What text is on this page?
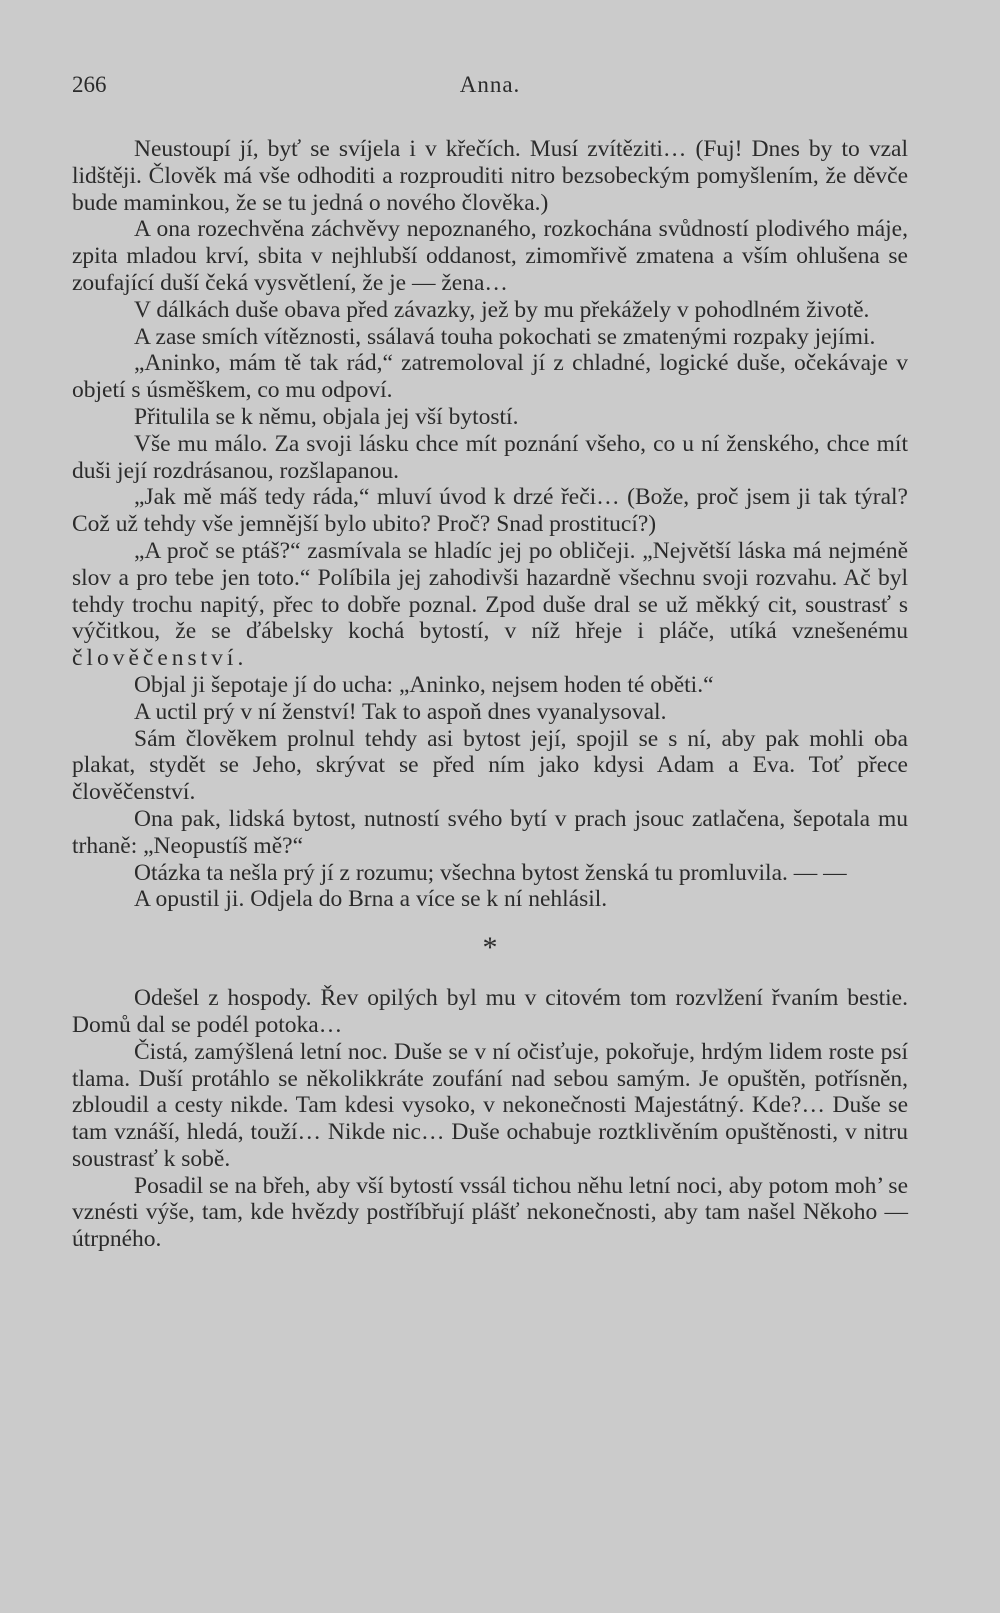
266	Anna.

Neustoupí jí, byť se svíjela i v křečích. Musí zvítěziti… (Fuj! Dnes by to vzal lidštěji. Člověk má vše odhoditi a rozprouditi nitro bezsobeckým pomyšlením, že děvče bude maminkou, že se tu jedná o nového člověka.)

A ona rozechvěna záchvěvy nepoznaného, rozkochána svůdností plodivého máje, zpita mladou krví, sbita v nejhlubší oddanost, zimomřivě zmatena a vším ohlušena se zoufající duší čeká vysvětlení, že je — žena…

V dálkách duše obava před závazky, jež by mu překážely v pohodlném životě.

A zase smích vítěznosti, ssálavá touha pokochati se zmatenými rozpaky jejími.

„Aninko, mám tě tak rád,“ zatremoloval jí z chladné, logické duše, očekávaje v objetí s úsměškem, co mu odpoví.

Přitulila se k němu, objala jej vší bytostí.

Vše mu málo. Za svoji lásku chce mít poznání všeho, co u ní ženského, chce mít duši její rozdrásanou, rozšlapanou.

„Jak mě máš tedy ráda,“ mluví úvod k drzé řeči… (Bože, proč jsem ji tak týral? Což už tehdy vše jemnější bylo ubito? Proč? Snad prostitucí?)

„A proč se ptáš?“ zasmívala se hladíc jej po obličeji. „Největší láska má nejméně slov a pro tebe jen toto.“ Políbila jej zahodivši hazardně všechnu svoji rozvahu. Ač byl tehdy trochu napitý, přec to dobře poznal. Zpod duše dral se už měkký cit, soustrasť s výčitkou, že se ďábelsky kochá bytostí, v níž hřeje i pláče, utíká vznešenému člověčenství.

Objal ji šepotaje jí do ucha: „Aninko, nejsem hoden té oběti.“

A uctil prý v ní ženství! Tak to aspoň dnes vyanalysoval.

Sám člověkem prolnul tehdy asi bytost její, spojil se s ní, aby pak mohli oba plakat, stydět se Jeho, skrývat se před ním jako kdysi Adam a Eva. Toť přece člověčenství.

Ona pak, lidská bytost, nutností svého bytí v prach jsouc zatlačena, šepotala mu trhaně: „Neopustíš mě?“

Otázka ta nešla prý jí z rozumu; všechna bytost ženská tu promluvila. — —

A opustil ji. Odjela do Brna a více se k ní nehlásil.

*

Odešel z hospody. Řev opilých byl mu v citovém tom rozvlžení řvaním bestie. Domů dal se podél potoka…

Čistá, zamýšlená letní noc. Duše se v ní očisťuje, pokořuje, hrdým lidem roste psí tlama. Duší protáhlo se několikkráte zoufání nad sebou samým. Je opuštěn, potřísněn, zbloudil a cesty nikde. Tam kdesi vysoko, v nekonečnosti Majestátný. Kde?… Duše se tam vznáší, hledá, touží… Nikde nic… Duše ochabuje roztklivěním opuštěnosti, v nitru soustrasť k sobě.

Posadil se na břeh, aby vší bytostí vssál tichou něhu letní noci, aby potom moh’ se vznésti výše, tam, kde hvězdy postříbřují plášť nekonečnosti, aby tam našel Někoho — útrpného.
